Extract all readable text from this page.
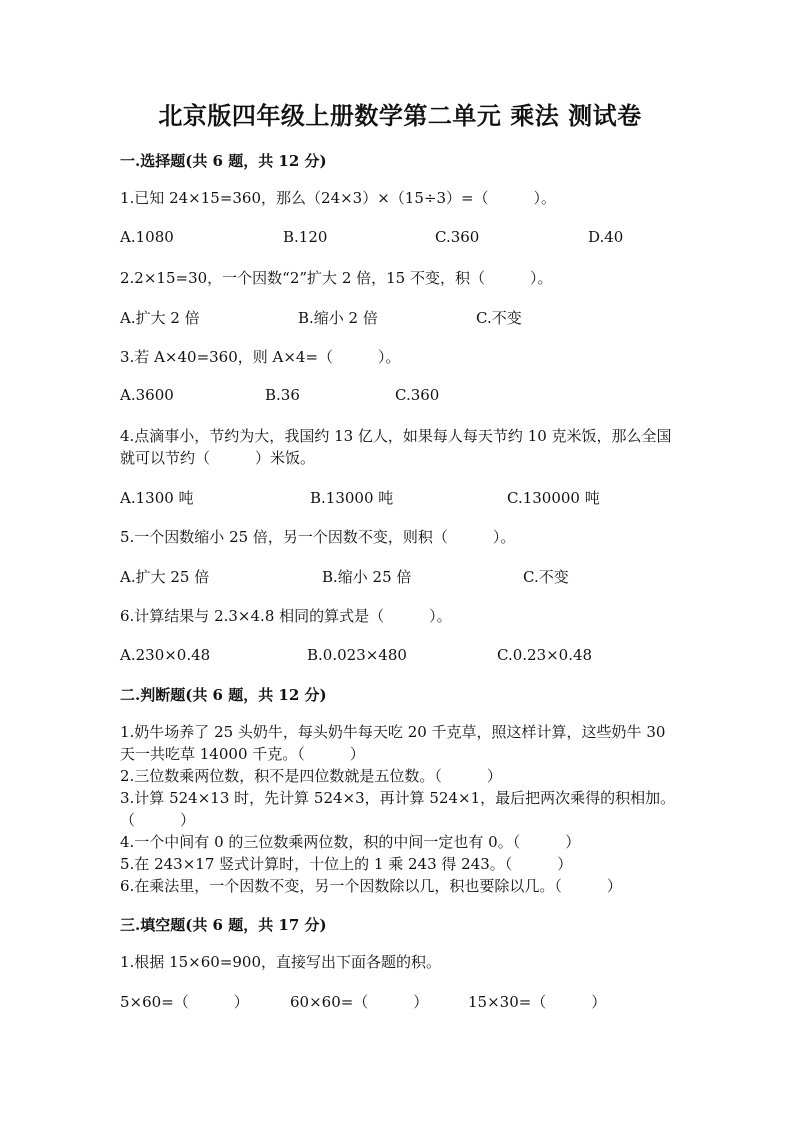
北京版四年级上册数学第二单元 乘法 测试卷
一.选择题(共 6 题，共 12 分)
1.已知 24×15=360，那么（24×3）×（15÷3）=（　　　）。
A.1080	B.120	C.360	D.40
2.2×15=30，一个因数“2”扩大 2 倍，15 不变，积（　　　）。
A.扩大 2 倍	B.缩小 2 倍	C.不变
3.若 A×40=360，则 A×4=（　　　）。
A.3600	B.36	C.360
4.点滴事小，节约为大，我国约 13 亿人，如果每人每天节约 10 克米饭，那么全国就可以节约（　　　）米饭。
A.1300 吨	B.13000 吨	C.130000 吨
5.一个因数缩小 25 倍，另一个因数不变，则积（　　　）。
A.扩大 25 倍	B.缩小 25 倍	C.不变
6.计算结果与 2.3×4.8 相同的算式是（　　　）。
A.230×0.48	B.0.023×480	C.0.23×0.48
二.判断题(共 6 题，共 12 分)
1.奶牛场养了 25 头奶牛，每头奶牛每天吃 20 千克草，照这样计算，这些奶牛 30 天一共吃草 14000 千克。（　　　）
2.三位数乘两位数，积不是四位数就是五位数。（　　　）
3.计算 524×13 时，先计算 524×3，再计算 524×1，最后把两次乘得的积相加。（　　　）
4.一个中间有 0 的三位数乘两位数，积的中间一定也有 0。（　　　）
5.在 243×17 竖式计算时，十位上的 1 乘 243 得 243。（　　　）
6.在乘法里，一个因数不变，另一个因数除以几，积也要除以几。（　　　）
三.填空题(共 6 题，共 17 分)
1.根据 15×60=900，直接写出下面各题的积。
5×60=（　　　）	60×60=（　　　）	15×30=（　　　）
